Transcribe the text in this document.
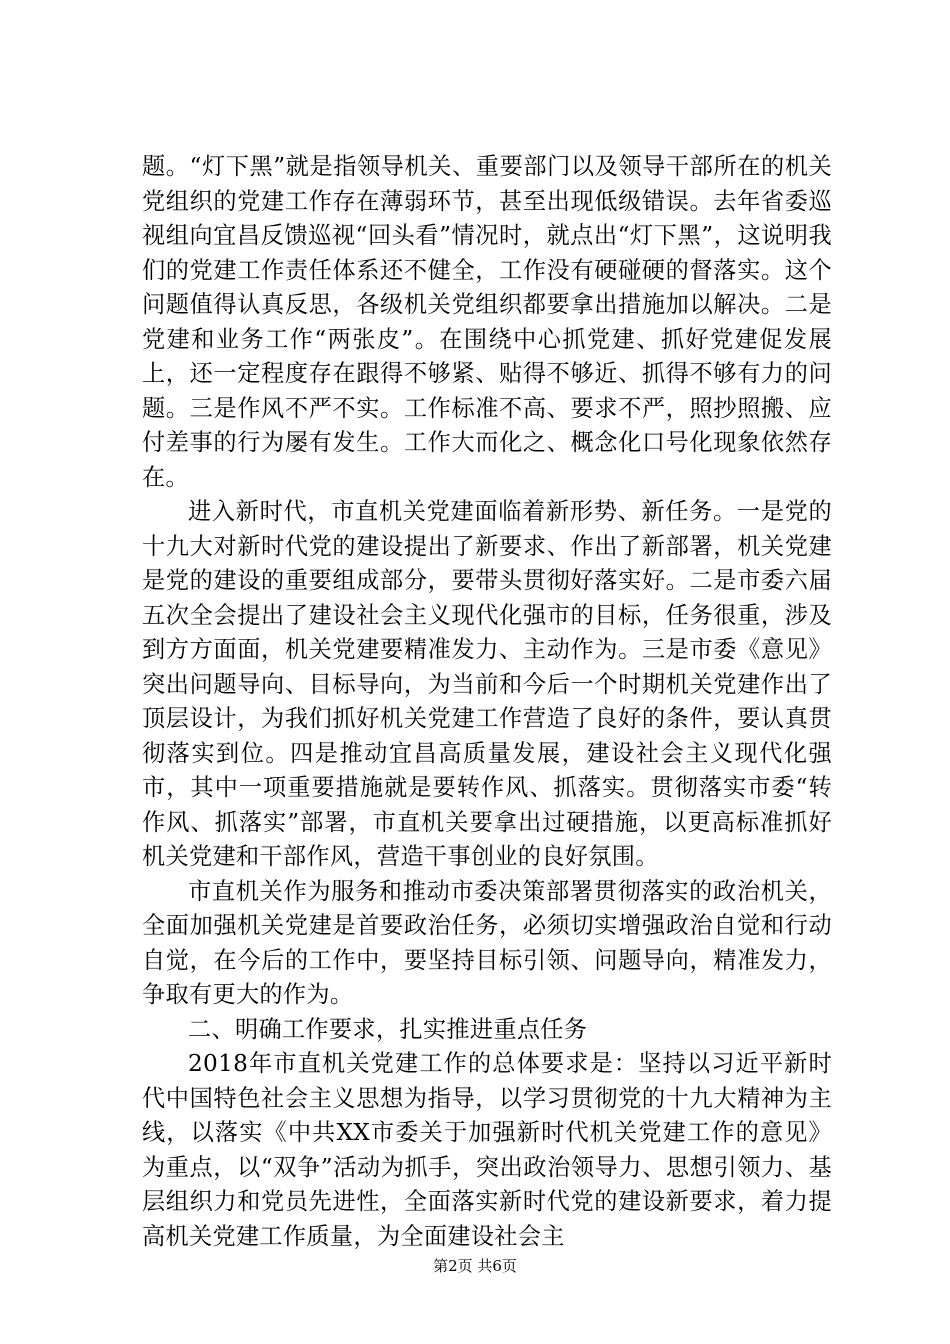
题。“灯下黑”就是指领导机关、重要部门以及领导干部所在的机关党组织的党建工作存在薄弱环节，甚至出现低级错误。去年省委巡视组向宜昌反馈巡视“回头看”情况时，就点出“灯下黑”，这说明我们的党建工作责任体系还不健全，工作没有硬碰硬的督落实。这个问题值得认真反思，各级机关党组织都要拿出措施加以解决。二是党建和业务工作“两张皮”。在围绕中心抓党建、抓好党建促发展上，还一定程度存在跟得不够紧、贴得不够近、抓得不够有力的问题。三是作风不严不实。工作标准不高、要求不严，照抄照搬、应付差事的行为屡有发生。工作大而化之、概念化口号化现象依然存在。

进入新时代，市直机关党建面临着新形势、新任务。一是党的十九大对新时代党的建设提出了新要求、作出了新部署，机关党建是党的建设的重要组成部分，要带头贯彻好落实好。二是市委六届五次全会提出了建设社会主义现代化强市的目标，任务很重，涉及到方方面面，机关党建要精准发力、主动作为。三是市委《意见》突出问题导向、目标导向，为当前和今后一个时期机关党建作出了顶层设计，为我们抓好机关党建工作营造了良好的条件，要认真贯彻落实到位。四是推动宜昌高质量发展，建设社会主义现代化强市，其中一项重要措施就是要转作风、抓落实。贯彻落实市委“转作风、抓落实”部署，市直机关要拿出过硬措施，以更高标准抓好机关党建和干部作风，营造干事创业的良好氛围。

市直机关作为服务和推动市委决策部署贯彻落实的政治机关，全面加强机关党建是首要政治任务，必须切实增强政治自觉和行动自觉，在今后的工作中，要坚持目标引领、问题导向，精准发力，争取有更大的作为。

二、明确工作要求，扎实推进重点任务

2018年市直机关党建工作的总体要求是：坚持以习近平新时代中国特色社会主义思想为指导，以学习贯彻党的十九大精神为主线，以落实《中共XX市委关于加强新时代机关党建工作的意见》为重点，以“双争”活动为抓手，突出政治领导力、思想引领力、基层组织力和党员先进性，全面落实新时代党的建设新要求，着力提高机关党建工作质量，为全面建设社会主

第2页 共6页
